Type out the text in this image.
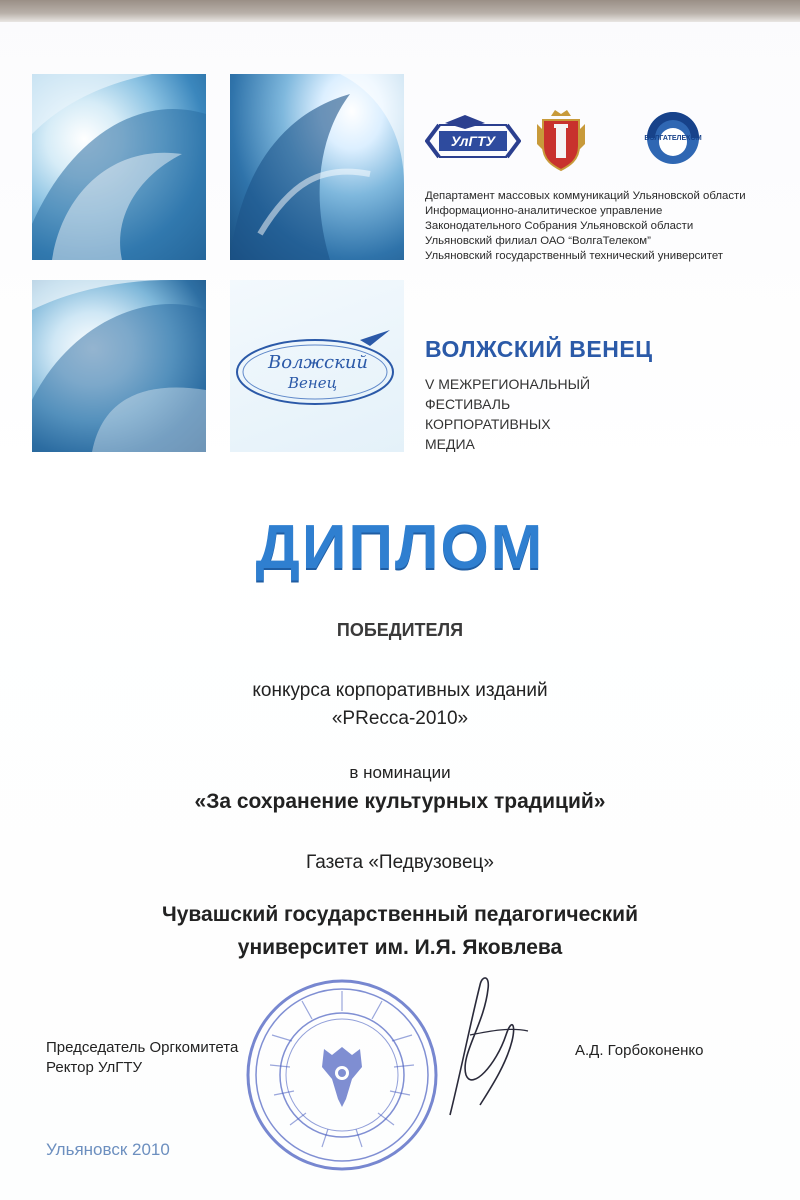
Волжский
Венец
УлГТУ	ВОЛГАТЕЛЕКОМ
Департамент массовых коммуникаций Ульяновской области
Информационно-аналитическое управление
Законодательного Собрания Ульяновской области
Ульяновский филиал ОАО “ВолгаТелеком”
Ульяновский государственный технический университет
ВОЛЖСКИЙ ВЕНЕЦ
V МЕЖРЕГИОНАЛЬНЫЙ
ФЕСТИВАЛЬ
КОРПОРАТИВНЫХ
МЕДИА
ДИПЛОМ
ПОБЕДИТЕЛЯ
конкурса корпоративных изданий
«PRесса-2010»
в номинации
«За сохранение культурных традиций»
Газета «Педвузовец»
Чувашский государственный педагогический
университет им. И.Я. Яковлева
Председатель Оргкомитета
Ректор УлГТУ
А.Д. Горбоконенко
Ульяновск 2010
